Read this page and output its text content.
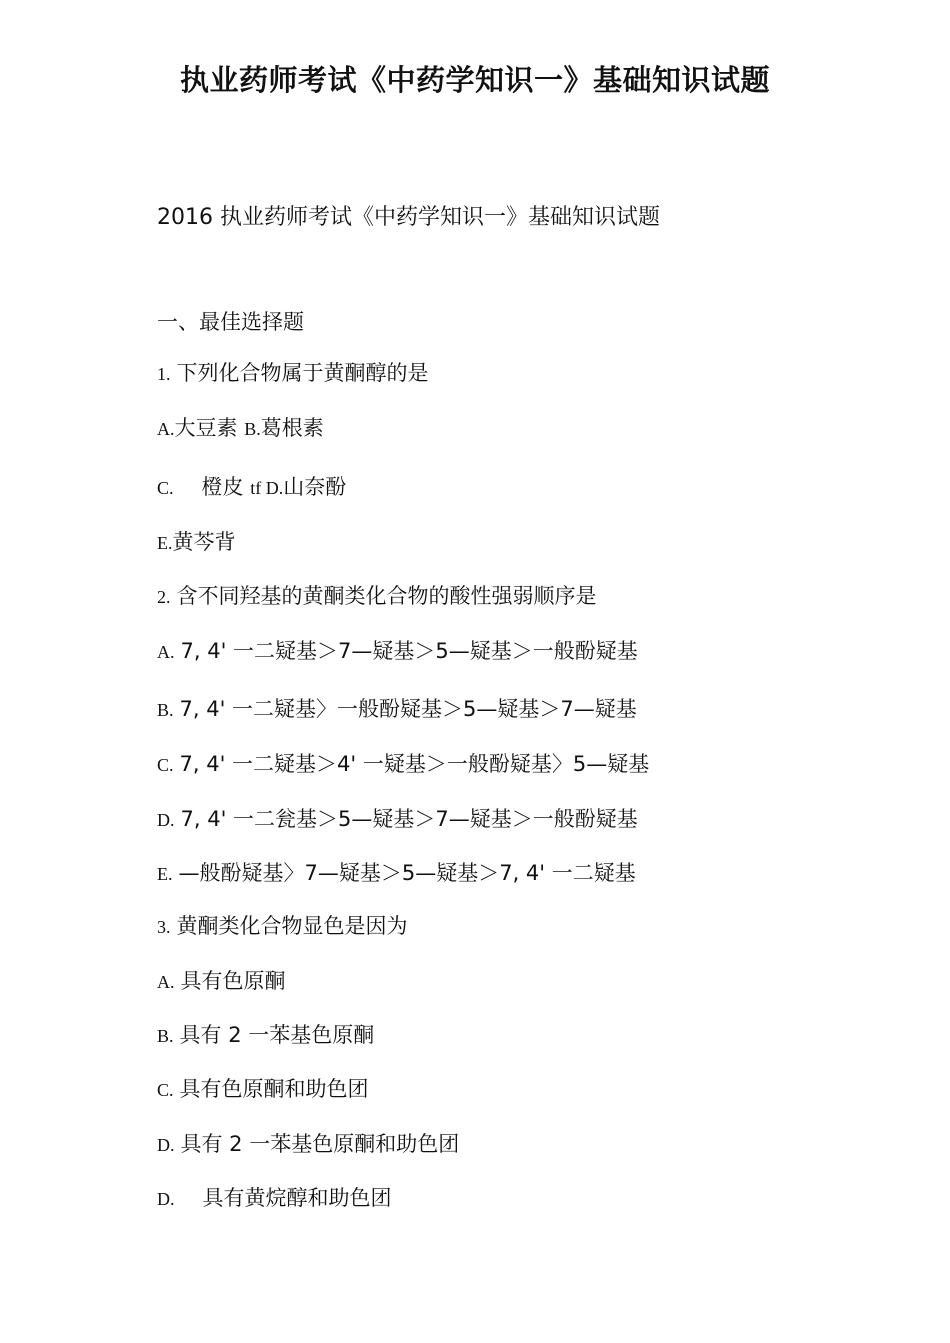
执业药师考试《中药学知识一》基础知识试题
2016 执业药师考试《中药学知识一》基础知识试题
一、最佳选择题
1. 下列化合物属于黄酮醇的是
A.大豆素 B.葛根素
C. 橙皮 tf D.山奈酚
E.黄芩背
2. 含不同羟基的黄酮类化合物的酸性强弱顺序是
A. 7, 4' 一二疑基＞7—疑基＞5—疑基＞一般酚疑基
B. 7, 4' 一二疑基〉一般酚疑基＞5—疑基＞7—疑基
C. 7, 4' 一二疑基＞4' 一疑基＞一般酚疑基〉5—疑基
D. 7, 4' 一二瓮基＞5—疑基＞7—疑基＞一般酚疑基
E. —般酚疑基〉7—疑基＞5—疑基＞7, 4' 一二疑基
3. 黄酮类化合物显色是因为
A. 具有色原酮
B. 具有 2 一苯基色原酮
C. 具有色原酮和助色团
D. 具有 2 一苯基色原酮和助色团
D. 具有黄烷醇和助色团
